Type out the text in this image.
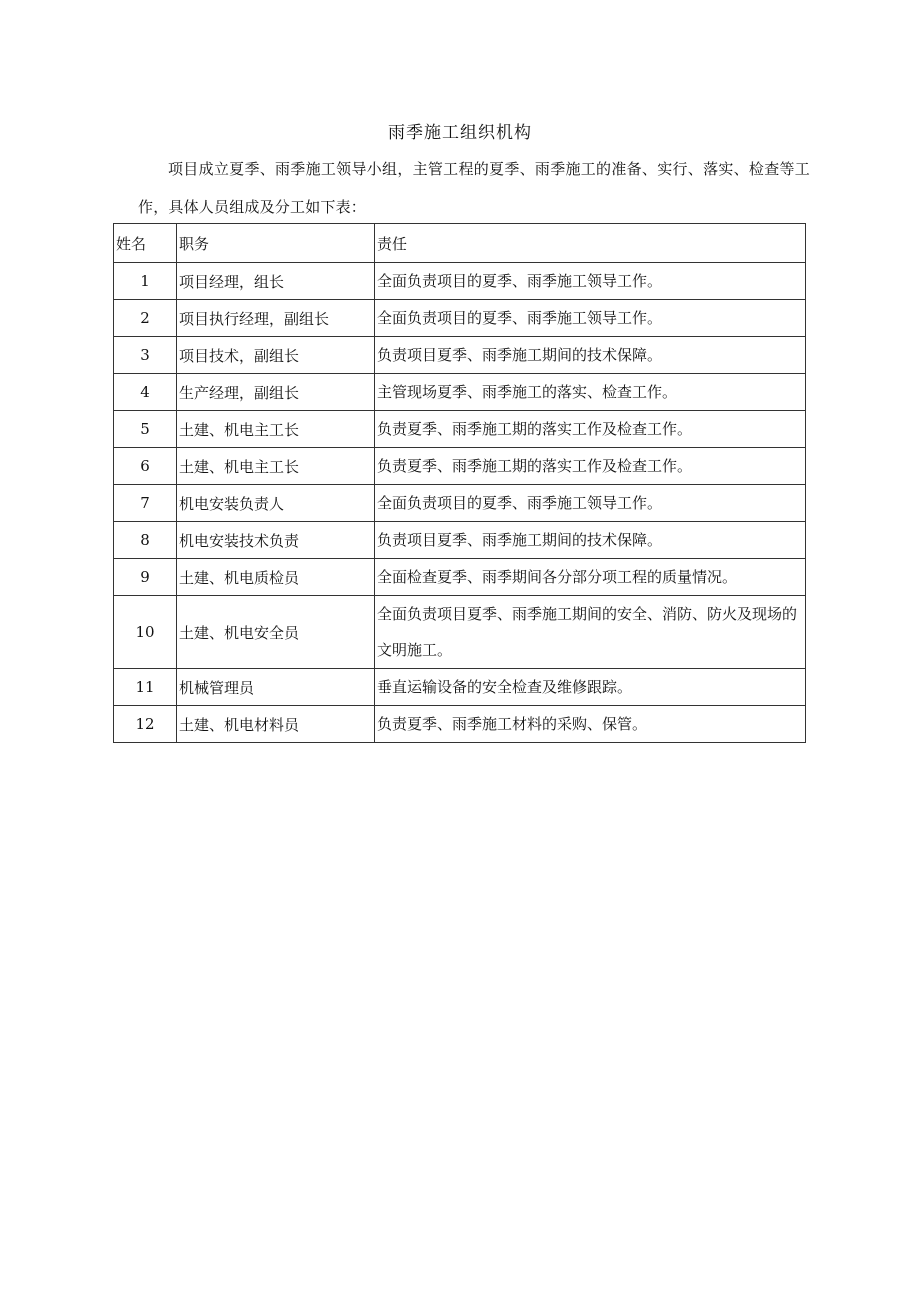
雨季施工组织机构
项目成立夏季、雨季施工领导小组，主管工程的夏季、雨季施工的准备、实行、落实、检查等工作，具体人员组成及分工如下表：
姓名	职务	责任
1	项目经理，组长	全面负责项目的夏季、雨季施工领导工作。
2	项目执行经理，副组长	全面负责项目的夏季、雨季施工领导工作。
3	项目技术，副组长	负责项目夏季、雨季施工期间的技术保障。
4	生产经理，副组长	主管现场夏季、雨季施工的落实、检查工作。
5	土建、机电主工长	负责夏季、雨季施工期的落实工作及检查工作。
6	土建、机电主工长	负责夏季、雨季施工期的落实工作及检查工作。
7	机电安装负责人	全面负责项目的夏季、雨季施工领导工作。
8	机电安装技术负责	负责项目夏季、雨季施工期间的技术保障。
9	土建、机电质检员	全面检查夏季、雨季期间各分部分项工程的质量情况。
10	土建、机电安全员	全面负责项目夏季、雨季施工期间的安全、消防、防火及现场的文明施工。
11	机械管理员	垂直运输设备的安全检查及维修跟踪。
12	土建、机电材料员	负责夏季、雨季施工材料的采购、保管。
